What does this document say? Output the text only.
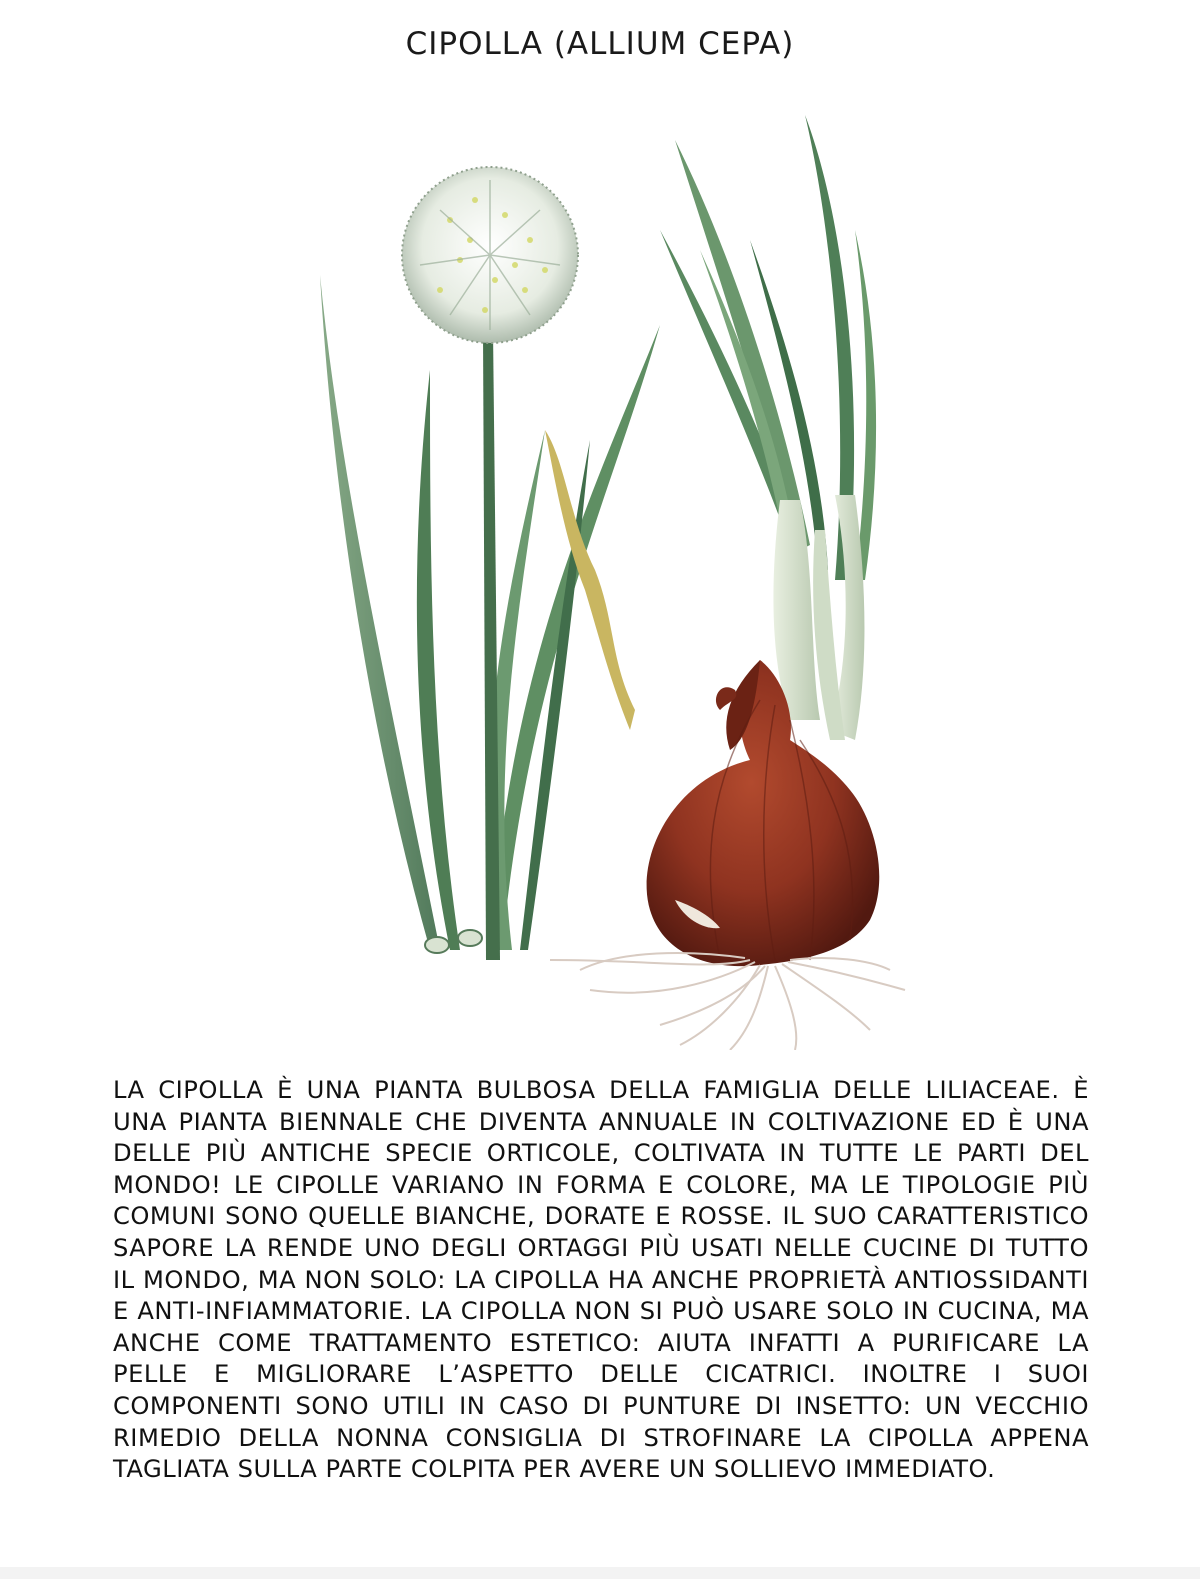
CIPOLLA (ALLIUM CEPA)

LA CIPOLLA È UNA PIANTA BULBOSA DELLA FAMIGLIA DELLE LILIACEAE. È UNA PIANTA BIENNALE CHE DIVENTA ANNUALE IN COLTIVAZIONE ED È UNA DELLE PIÙ ANTICHE SPECIE ORTICOLE, COLTIVATA IN TUTTE LE PARTI DEL MONDO! LE CIPOLLE VARIANO IN FORMA E COLORE, MA LE TIPOLOGIE PIÙ COMUNI SONO QUELLE BIANCHE, DORATE E ROSSE. IL SUO CARATTERISTICO SAPORE LA RENDE UNO DEGLI ORTAGGI PIÙ USATI NELLE CUCINE DI TUTTO IL MONDO, MA NON SOLO: LA CIPOLLA HA ANCHE PROPRIETÀ ANTIOSSIDANTI E ANTI-INFIAMMATORIE. LA CIPOLLA NON SI PUÒ USARE SOLO IN CUCINA, MA ANCHE COME TRATTAMENTO ESTETICO: AIUTA INFATTI A PURIFICARE LA PELLE E MIGLIORARE L’ASPETTO DELLE CICATRICI. INOLTRE I SUOI COMPONENTI SONO UTILI IN CASO DI PUNTURE DI INSETTO: UN VECCHIO RIMEDIO DELLA NONNA CONSIGLIA DI STROFINARE LA CIPOLLA APPENA TAGLIATA SULLA PARTE COLPITA PER AVERE UN SOLLIEVO IMMEDIATO.
